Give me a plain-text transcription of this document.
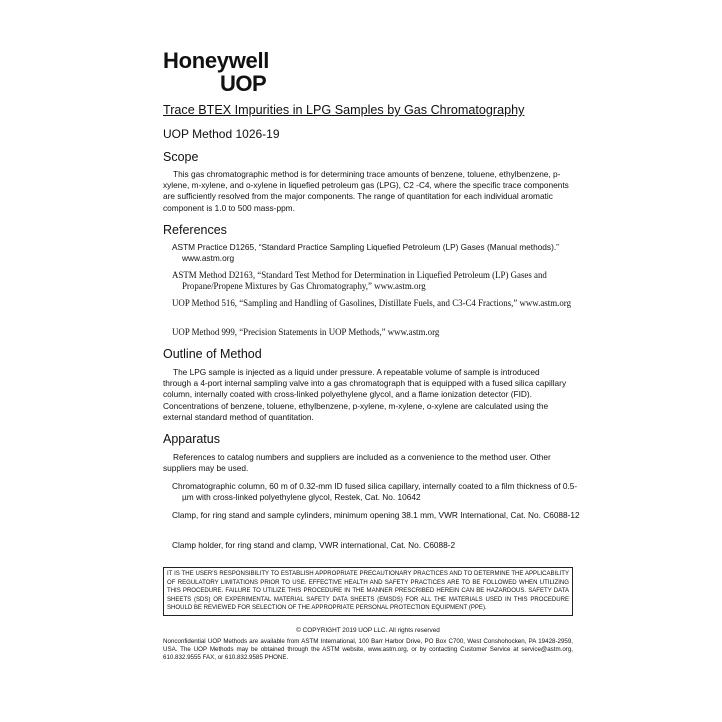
Honeywell
UOP
Trace BTEX Impurities in LPG Samples by Gas Chromatography
UOP Method 1026-19
Scope

This gas chromatographic method is for determining trace amounts of benzene, toluene, ethylbenzene, p-xylene, m-xylene, and o-xylene in liquefied petroleum gas (LPG), C2 -C4, where the specific trace components are sufficiently resolved from the major components. The range of quantitation for each individual aromatic component is 1.0 to 500 mass-ppm.

References

ASTM Practice D1265, “Standard Practice Sampling Liquefied Petroleum (LP) Gases (Manual methods).” www.astm.org

ASTM Method D2163, “Standard Test Method for Determination in Liquefied Petroleum (LP) Gases and Propane/Propene Mixtures by Gas Chromatography,” www.astm.org

UOP Method 516, “Sampling and Handling of Gasolines, Distillate Fuels, and C3-C4 Fractions,” www.astm.org

UOP Method 999, “Precision Statements in UOP Methods,” www.astm.org

Outline of Method

The LPG sample is injected as a liquid under pressure. A repeatable volume of sample is introduced through a 4-port internal sampling valve into a gas chromatograph that is equipped with a fused silica capillary column, internally coated with cross-linked polyethylene glycol, and a flame ionization detector (FID). Concentrations of benzene, toluene, ethylbenzene, p-xylene, m-xylene, o-xylene are calculated using the external standard method of quantitation.

Apparatus

References to catalog numbers and suppliers are included as a convenience to the method user. Other suppliers may be used.

Chromatographic column, 60 m of 0.32-mm ID fused silica capillary, internally coated to a film thickness of 0.5-µm with cross-linked polyethylene glycol, Restek, Cat. No. 10642

Clamp, for ring stand and sample cylinders, minimum opening 38.1 mm, VWR International, Cat. No. C6088-12

Clamp holder, for ring stand and clamp, VWR international, Cat. No. C6088-2

IT IS THE USER'S RESPONSIBILITY TO ESTABLISH APPROPRIATE PRECAUTIONARY PRACTICES AND TO DETERMINE THE APPLICABILITY OF REGULATORY LIMITATIONS PRIOR TO USE. EFFECTIVE HEALTH AND SAFETY PRACTICES ARE TO BE FOLLOWED WHEN UTILIZING THIS PROCEDURE. FAILURE TO UTILIZE THIS PROCEDURE IN THE MANNER PRESCRIBED HEREIN CAN BE HAZARDOUS. SAFETY DATA SHEETS (SDS) OR EXPERIMENTAL MATERIAL SAFETY DATA SHEETS (EMSDS) FOR ALL THE MATERIALS USED IN THIS PROCEDURE SHOULD BE REVIEWED FOR SELECTION OF THE APPROPRIATE PERSONAL PROTECTION EQUIPMENT (PPE).
© COPYRIGHT 2019 UOP LLC. All rights reserved

Nonconfidential UOP Methods are available from ASTM International, 100 Barr Harbor Drive, PO Box C700, West Conshohocken, PA 19428-2959, USA. The UOP Methods may be obtained through the ASTM website, www.astm.org, or by contacting Customer Service at service@astm.org, 610.832.9555 FAX, or 610.832.9585 PHONE.
